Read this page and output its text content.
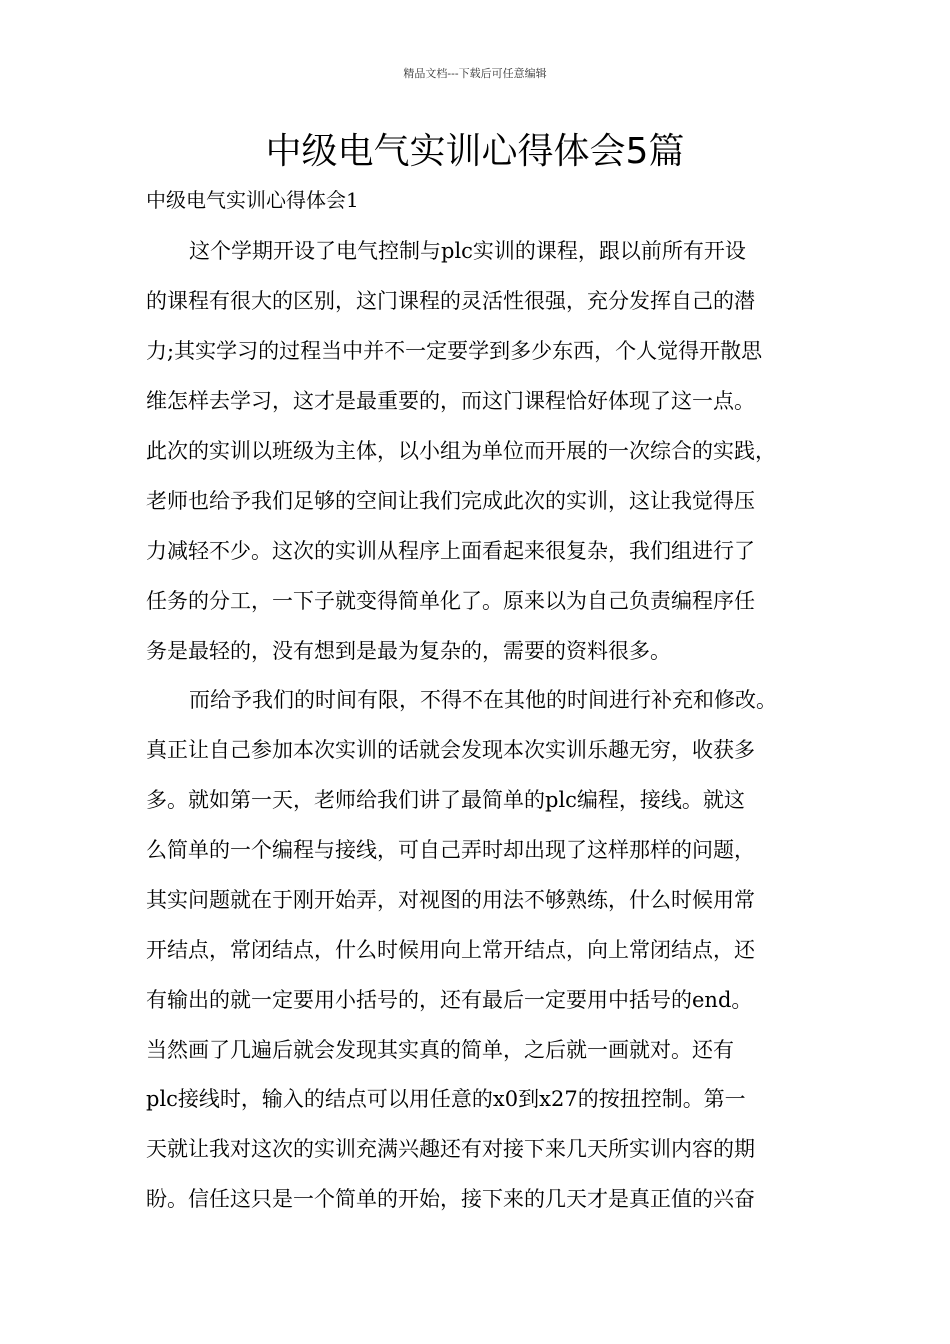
精品文档---下载后可任意编辑
中级电气实训心得体会5篇
中级电气实训心得体会1
这个学期开设了电气控制与plc实训的课程，跟以前所有开设
的课程有很大的区别，这门课程的灵活性很强，充分发挥自己的潜
力;其实学习的过程当中并不一定要学到多少东西，个人觉得开散思
维怎样去学习，这才是最重要的，而这门课程恰好体现了这一点。
此次的实训以班级为主体，以小组为单位而开展的一次综合的实践，
老师也给予我们足够的空间让我们完成此次的实训，这让我觉得压
力减轻不少。这次的实训从程序上面看起来很复杂，我们组进行了
任务的分工，一下子就变得简单化了。原来以为自己负责编程序任
务是最轻的，没有想到是最为复杂的，需要的资料很多。
而给予我们的时间有限，不得不在其他的时间进行补充和修改。
真正让自己参加本次实训的话就会发现本次实训乐趣无穷，收获多
多。就如第一天，老师给我们讲了最简单的plc编程，接线。就这
么简单的一个编程与接线，可自己弄时却出现了这样那样的问题，
其实问题就在于刚开始弄，对视图的用法不够熟练，什么时候用常
开结点，常闭结点，什么时候用向上常开结点，向上常闭结点，还
有输出的就一定要用小括号的，还有最后一定要用中括号的end。
当然画了几遍后就会发现其实真的简单，之后就一画就对。还有
plc接线时，输入的结点可以用任意的x0到x27的按扭控制。第一
天就让我对这次的实训充满兴趣还有对接下来几天所实训内容的期
盼。信任这只是一个简单的开始，接下来的几天才是真正值的兴奋
